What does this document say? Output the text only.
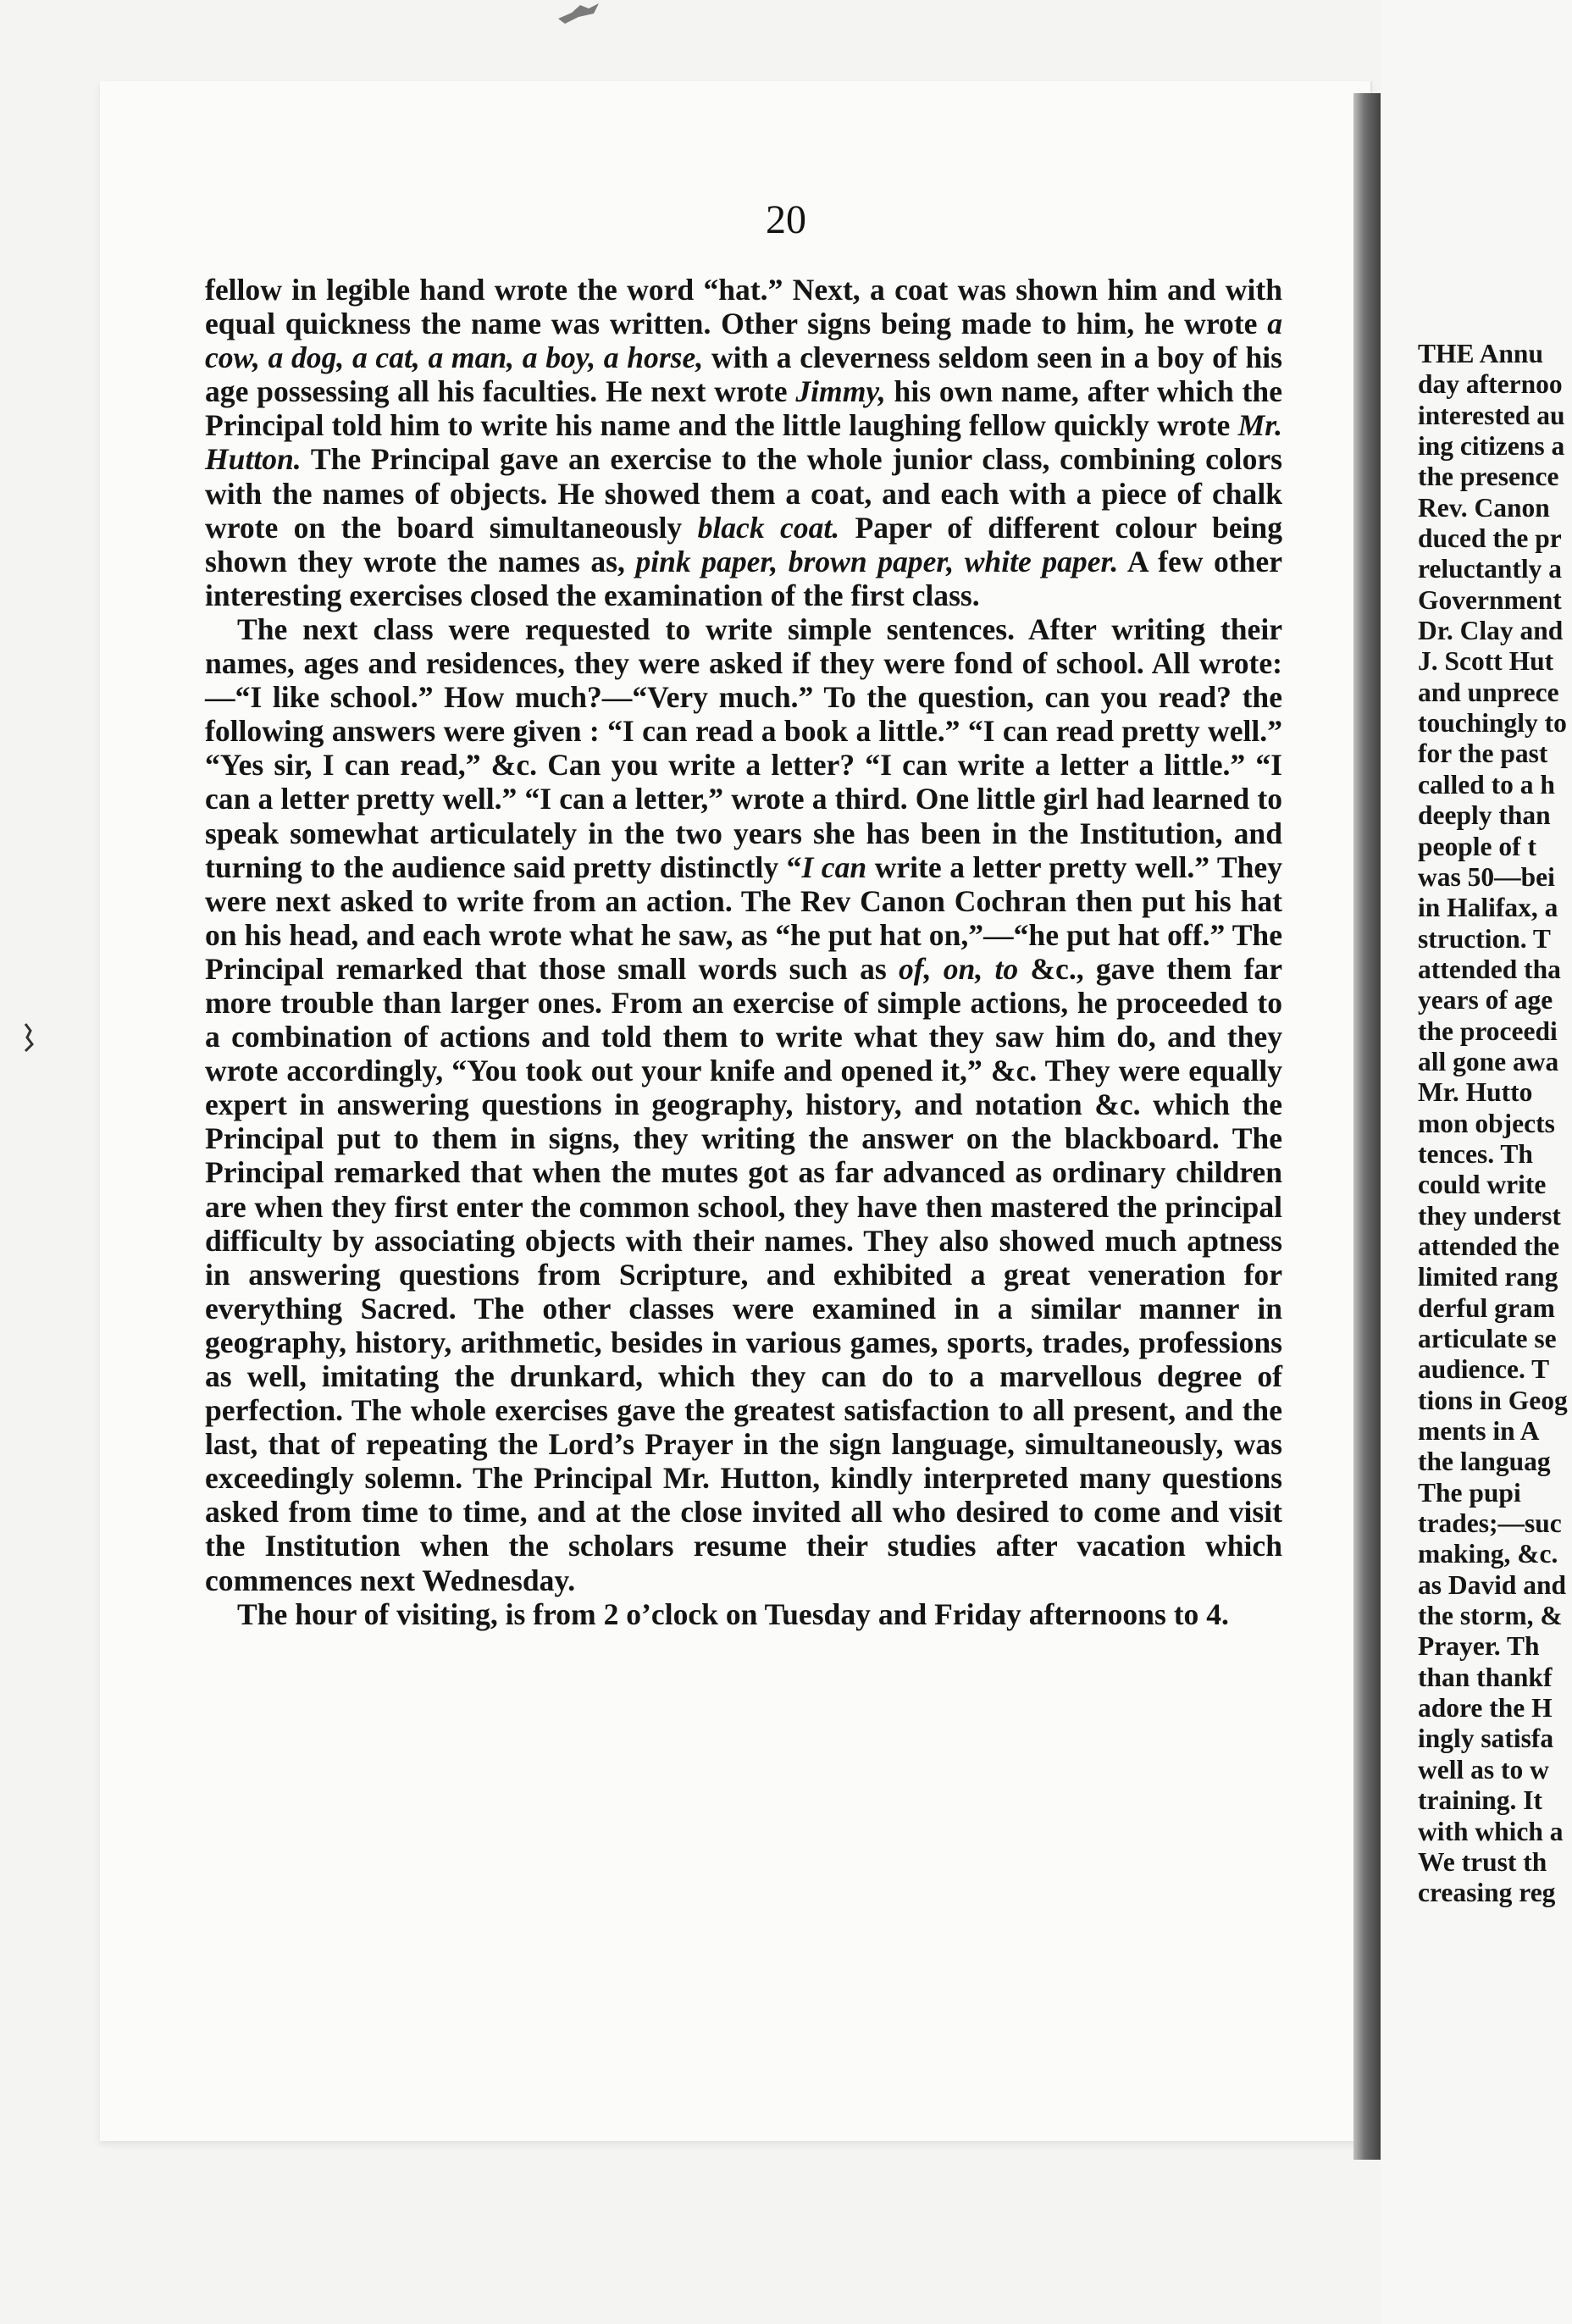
20

fellow in legible hand wrote the word “hat.” Next, a coat was shown him and with equal quickness the name was written. Other signs being made to him, he wrote a cow, a dog, a cat, a man, a boy, a horse, with a cleverness seldom seen in a boy of his age possessing all his faculties. He next wrote Jimmy, his own name, after which the Principal told him to write his name and the little laughing fellow quickly wrote Mr. Hutton. The Principal gave an exercise to the whole junior class, combining colors with the names of objects. He showed them a coat, and each with a piece of chalk wrote on the board simultaneously black coat. Paper of different colour being shown they wrote the names as, pink paper, brown paper, white paper. A few other interesting exercises closed the examination of the first class.

The next class were requested to write simple sentences. After writing their names, ages and residences, they were asked if they were fond of school. All wrote:—“I like school.” How much?—“Very much.” To the question, can you read? the following answers were given : “I can read a book a little.” “I can read pretty well.” “Yes sir, I can read,” &c. Can you write a letter? “I can write a letter a little.” “I can a letter pretty well.” “I can a letter,” wrote a third. One little girl had learned to speak somewhat articulately in the two years she has been in the Institution, and turning to the audience said pretty distinctly “I can write a letter pretty well.” They were next asked to write from an action. The Rev Canon Cochran then put his hat on his head, and each wrote what he saw, as “he put hat on,”—“he put hat off.” The Principal remarked that those small words such as of, on, to &c., gave them far more trouble than larger ones. From an exercise of simple actions, he proceeded to a combination of actions and told them to write what they saw him do, and they wrote accordingly, “You took out your knife and opened it,” &c. They were equally expert in answering questions in geography, history, and notation &c. which the Principal put to them in signs, they writing the answer on the blackboard. The Principal remarked that when the mutes got as far advanced as ordinary children are when they first enter the common school, they have then mastered the principal difficulty by associating objects with their names. They also showed much aptness in answering questions from Scripture, and exhibited a great veneration for everything Sacred. The other classes were examined in a similar manner in geography, history, arithmetic, besides in various games, sports, trades, professions as well, imitating the drunkard, which they can do to a marvellous degree of perfection. The whole exercises gave the greatest satisfaction to all present, and the last, that of repeating the Lord’s Prayer in the sign language, simultaneously, was exceedingly solemn. The Principal Mr. Hutton, kindly interpreted many questions asked from time to time, and at the close invited all who desired to come and visit the Institution when the scholars resume their studies after vacation which commences next Wednesday.

The hour of visiting, is from 2 o’clock on Tuesday and Friday afternoons to 4.

THE Annu
day afternoo
interested au
ing citizens a
the presence
Rev. Canon
duced the pr
reluctantly a
Government
Dr. Clay and
J. Scott Hut
and unprece
touchingly to
for the past
called to a h
deeply than
people of t
was 50—bei
in Halifax, a
struction. T
attended tha
years of age
the proceedi
all gone awa
Mr. Hutto
mon objects
tences. Th
could write
they underst
attended the
limited rang
derful gram
articulate se
audience. T
tions in Geog
ments in A
the languag
The pupi
trades;—suc
making, &c.
as David and
the storm, &
Prayer. Th
than thankf
adore the H
ingly satisfa
well as to w
training. It
with which a
We trust th
creasing reg
